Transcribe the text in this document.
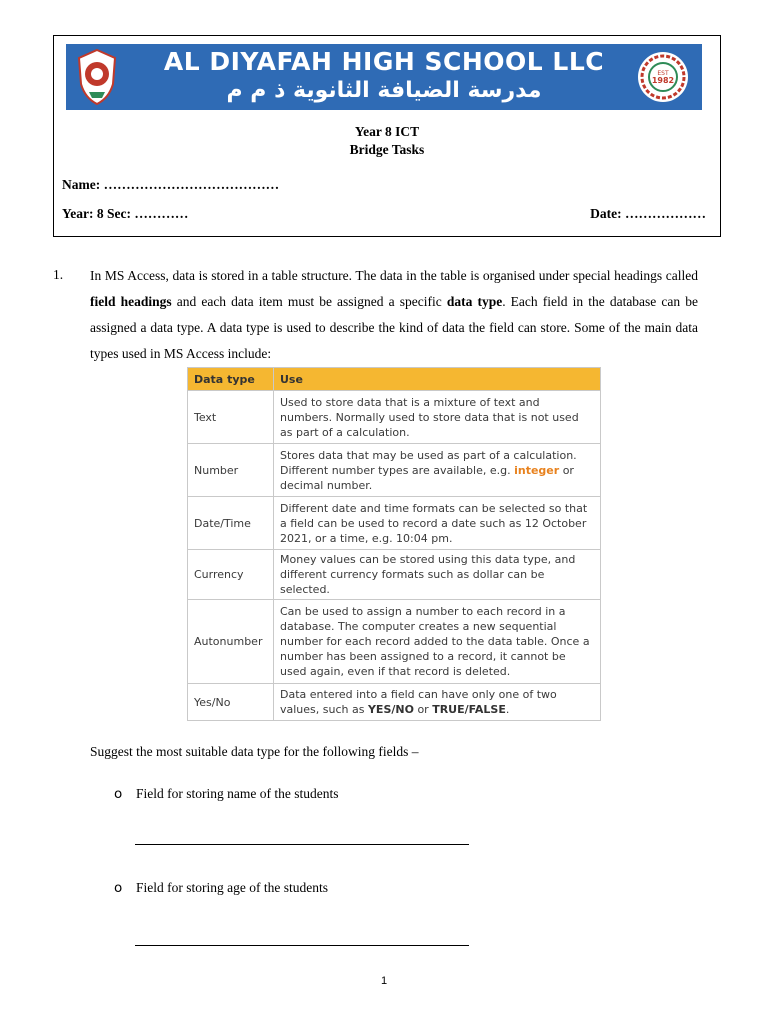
AL DIYAFAH HIGH SCHOOL LLC
مدرسة الضيافة الثانوية ذ م م
EST
1982
Year 8 ICT
Bridge Tasks
Name: …………………………………
Year: 8 Sec: …………	Date: ………………
1. In MS Access, data is stored in a table structure. The data in the table is organised under special headings called field headings and each data item must be assigned a specific data type. Each field in the database can be assigned a data type. A data type is used to describe the kind of data the field can store. Some of the main data types used in MS Access include:

Data type	Use
Text	Used to store data that is a mixture of text and numbers. Normally used to store data that is not used as part of a calculation.
Number	Stores data that may be used as part of a calculation. Different number types are available, e.g. integer or decimal number.
Date/Time	Different date and time formats can be selected so that a field can be used to record a date such as 12 October 2021, or a time, e.g. 10:04 pm.
Currency	Money values can be stored using this data type, and different currency formats such as dollar can be selected.
Autonumber	Can be used to assign a number to each record in a database. The computer creates a new sequential number for each record added to the data table. Once a number has been assigned to a record, it cannot be used again, even if that record is deleted.
Yes/No	Data entered into a field can have only one of two values, such as YES/NO or TRUE/FALSE.
Suggest the most suitable data type for the following fields –
o Field for storing name of the students
o Field for storing age of the students
1
